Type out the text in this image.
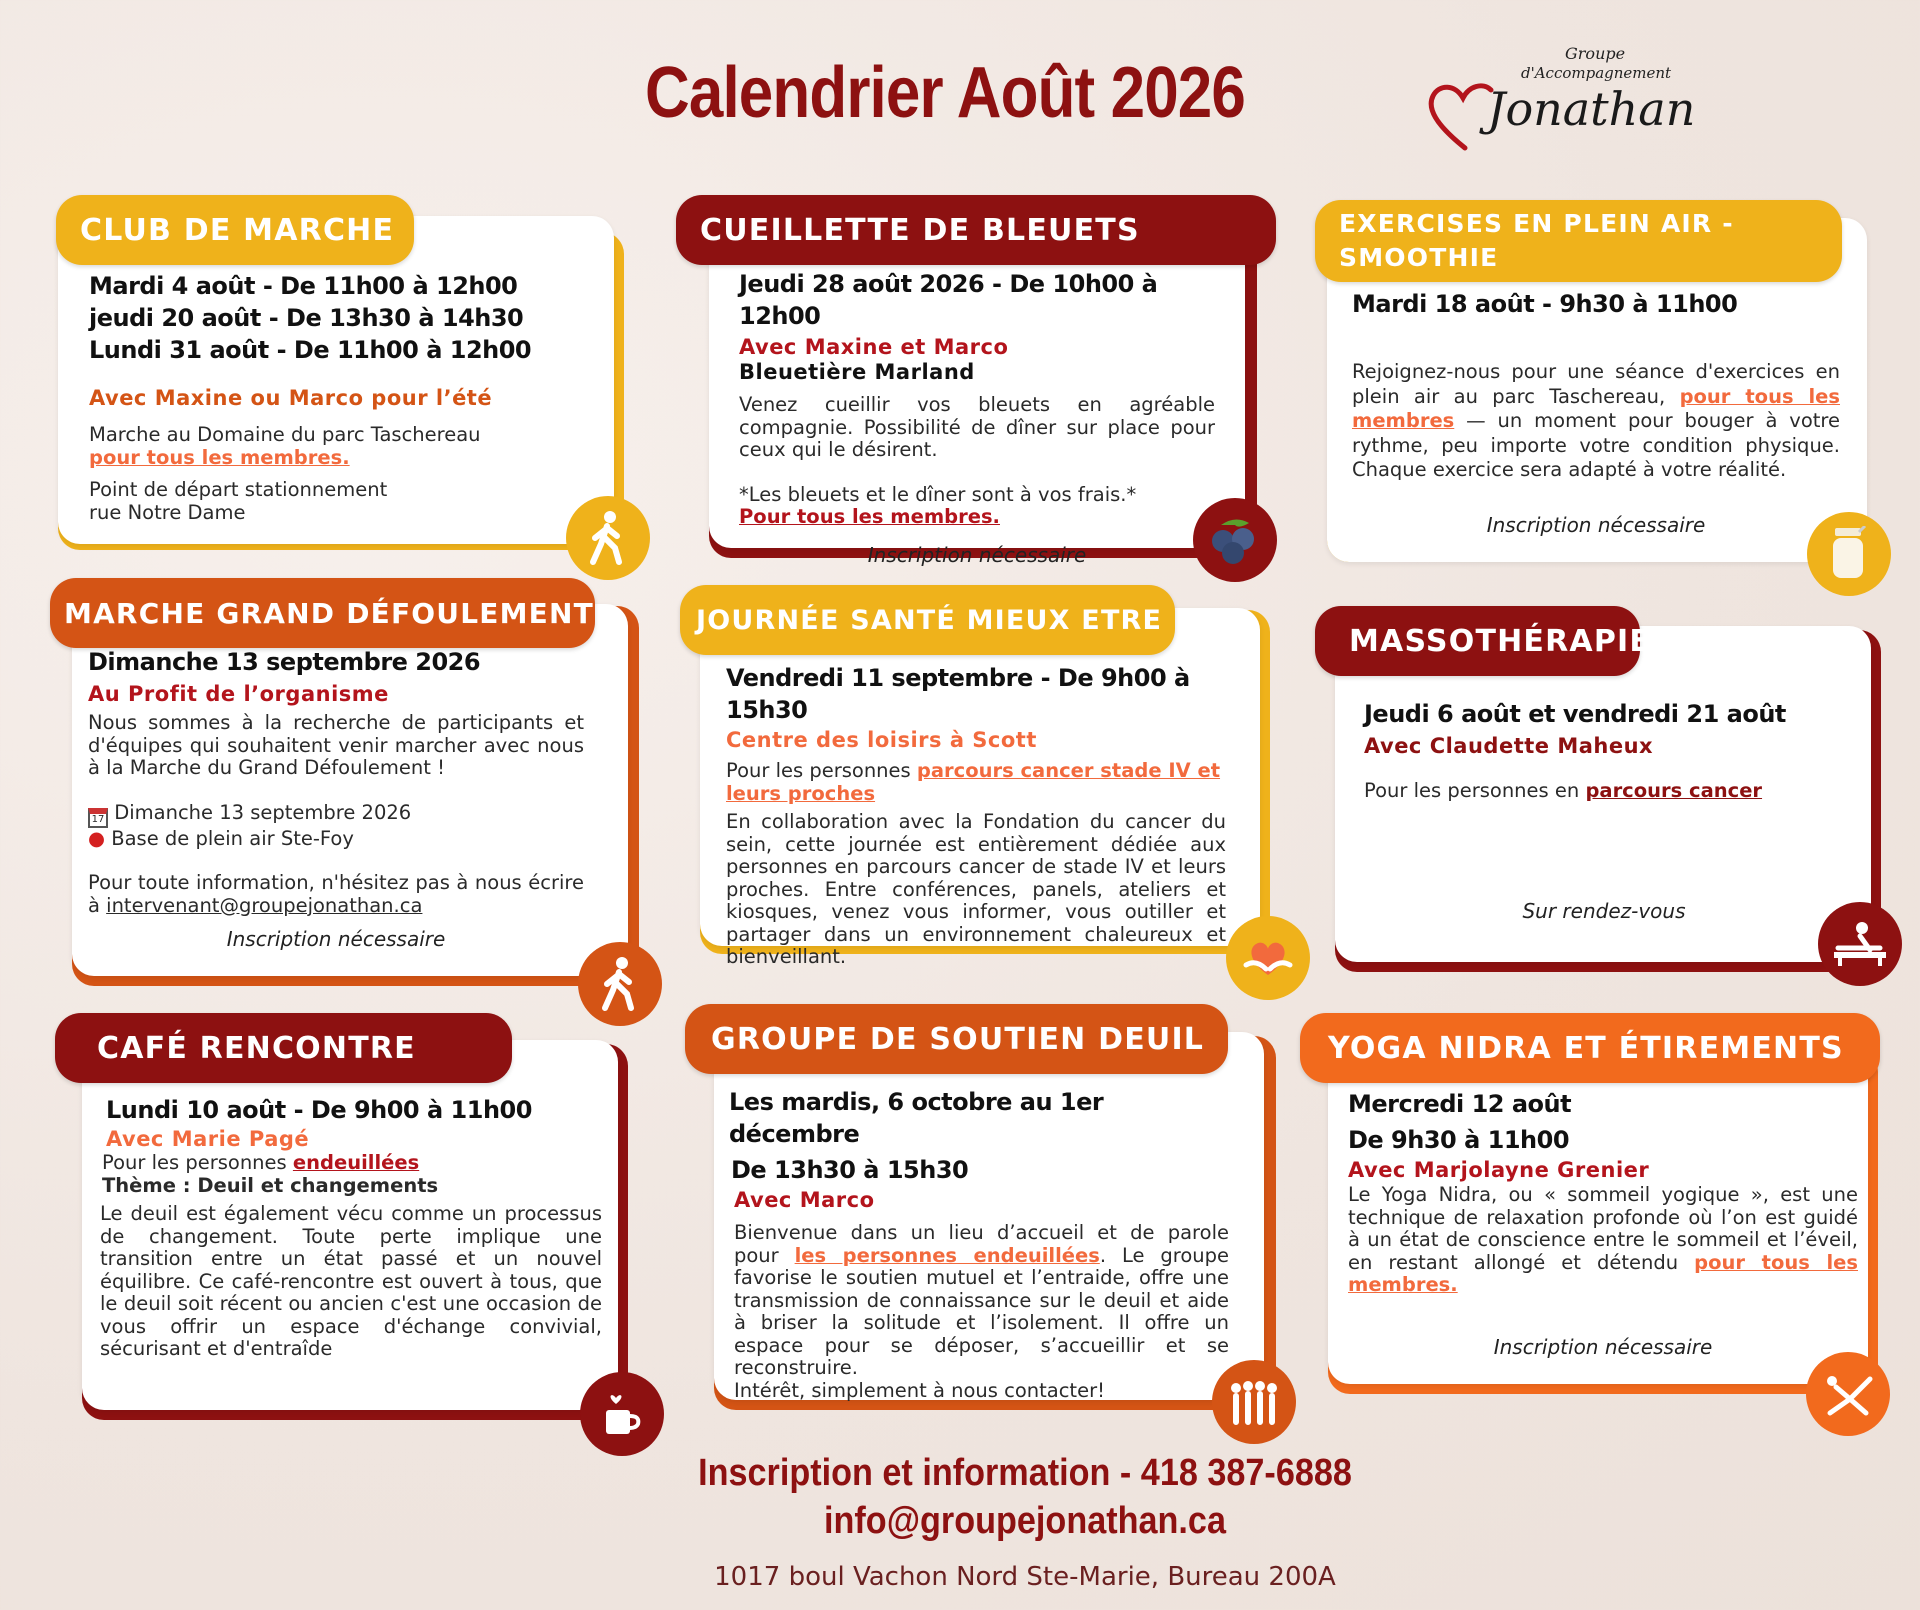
Calendrier Août 2026	Groupe
d'Accompagnement
Jonathan
CLUB DE MARCHE
Mardi 4 août - De 11h00 à 12h00
jeudi 20 août - De 13h30 à 14h30
Lundi 31 août - De 11h00 à 12h00
Avec Maxine ou Marco pour l’été
Marche au Domaine du parc Taschereau
pour tous les membres.
Point de départ stationnement
rue Notre Dame
CUEILLETTE DE BLEUETS
Jeudi 28 août 2026 - De 10h00 à 12h00
Avec Maxine et Marco
Bleuetière Marland
Venez cueillir vos bleuets en agréable compagnie. Possibilité de dîner sur place pour ceux qui le désirent.
*Les bleuets et le dîner sont à vos frais.*
Pour tous les membres.
Inscription nécessaire
EXERCISES EN PLEIN AIR -
SMOOTHIE
Mardi 18 août - 9h30 à 11h00
Rejoignez-nous pour une séance d'exercices en plein air au parc Taschereau, pour tous les membres — un moment pour bouger à votre rythme, peu importe votre condition physique. Chaque exercice sera adapté à votre réalité.
Inscription nécessaire
MARCHE GRAND DÉFOULEMENT
Dimanche 13 septembre 2026
Au Profit de l’organisme
Nous sommes à la recherche de participants et d'équipes qui souhaitent venir marcher avec nous à la Marche du Grand Défoulement !
17 Dimanche 13 septembre 2026
● Base de plein air Ste-Foy
Pour toute information, n'hésitez pas à nous écrire à intervenant@groupejonathan.ca
Inscription nécessaire
JOURNÉE SANTÉ MIEUX ETRE
Vendredi 11 septembre - De 9h00 à 15h30
Centre des loisirs à Scott
Pour les personnes parcours cancer stade IV et leurs proches
En collaboration avec la Fondation du cancer du sein, cette journée est entièrement dédiée aux personnes en parcours cancer de stade IV et leurs proches. Entre conférences, panels, ateliers et kiosques, venez vous informer, vous outiller et partager dans un environnement chaleureux et bienveillant.
MASSOTHÉRAPIE
Jeudi 6 août et vendredi 21 août
Avec Claudette Maheux
Pour les personnes en parcours cancer
Sur rendez-vous
CAFÉ RENCONTRE
Lundi 10 août - De 9h00 à 11h00
Avec Marie Pagé
Pour les personnes endeuillées
Thème : Deuil et changements
Le deuil est également vécu comme un processus de changement. Toute perte implique une transition entre un état passé et un nouvel équilibre. Ce café-rencontre est ouvert à tous, que le deuil soit récent ou ancien c'est une occasion de vous offrir un espace d'échange convivial, sécurisant et d'entraîde
GROUPE DE SOUTIEN DEUIL
Les mardis, 6 octobre au 1er décembre
De 13h30 à 15h30
Avec Marco
Bienvenue dans un lieu d’accueil et de parole pour les personnes endeuillées. Le groupe favorise le soutien mutuel et l’entraide, offre une transmission de connaissance sur le deuil et aide à briser la solitude et l’isolement. Il offre un espace pour se déposer, s’accueillir et se reconstruire.
Intérêt, simplement à nous contacter!
YOGA NIDRA ET ÉTIREMENTS
Mercredi 12 août
De 9h30 à 11h00
Avec Marjolayne Grenier
Le Yoga Nidra, ou « sommeil yogique », est une technique de relaxation profonde où l’on est guidé à un état de conscience entre le sommeil et l’éveil, en restant allongé et détendu pour tous les membres.
Inscription nécessaire
Inscription et information - 418 387-6888
info@groupejonathan.ca
1017 boul Vachon Nord Ste-Marie, Bureau 200A
